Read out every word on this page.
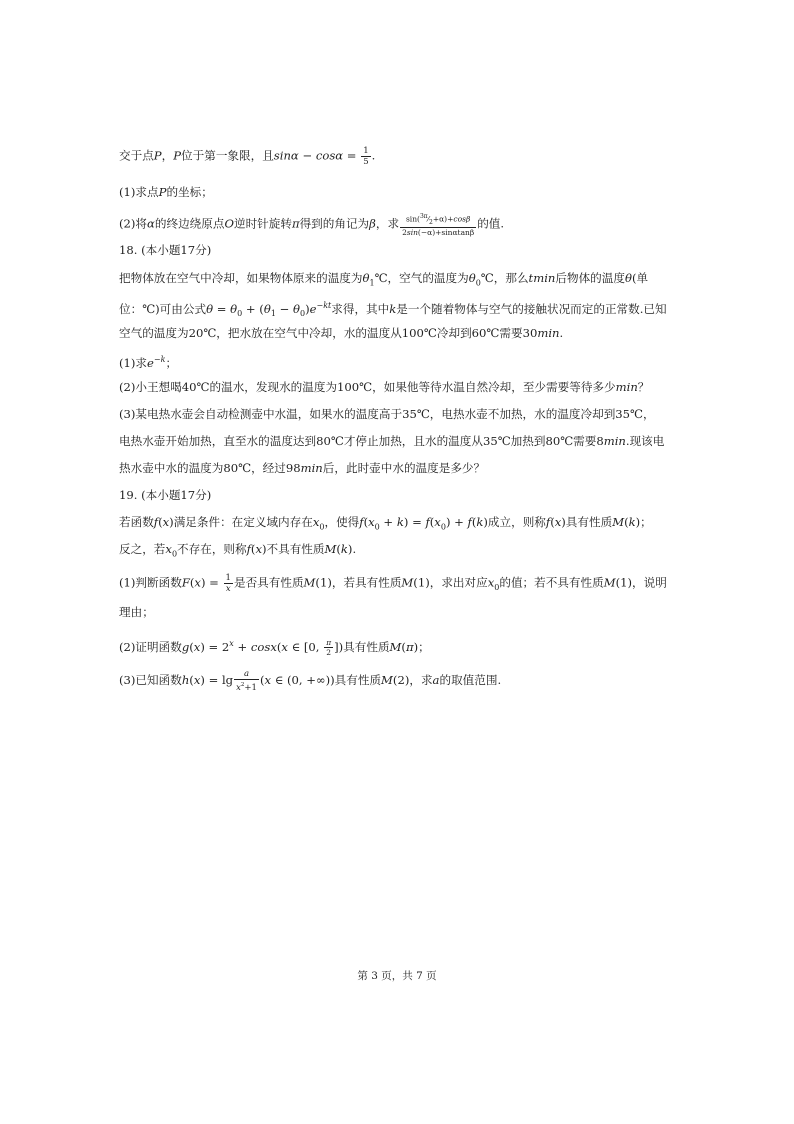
交于点P，P位于第一象限，且$\sin\alpha - \cos\alpha = \frac{1}{5}$ .
(1)求点P的坐标；
(2)将α的终边绕原点O逆时针旋转π得到的角记为β，求 $\frac{\sin(^{3\pi}⁄_2+\alpha)+\cos\beta}{2\sin(-\alpha)+\sin\alpha\tan\beta}$ 的值.
18. (本小题17分)
把物体放在空气中冷却，如果物体原来的温度为$\theta_1℃$，空气的温度为$\theta_0℃$，那么tmin后物体的温度θ(单
位：℃)可由公式$\theta = \theta_0 + (\theta_1 - \theta_0)e^{-kt}$求得，其中k是一个随着物体与空气的接触状况而定的正常数.已知
空气的温度为20℃，把水放在空气中冷却，水的温度从100℃冷却到60℃需要30min.
(1)求$e^{-k}$；
(2)小王想喝40℃的温水，发现水的温度为100℃，如果他等待水温自然冷却，至少需要等待多少min？
(3)某电热水壶会自动检测壶中水温，如果水的温度高于35℃，电热水壶不加热，水的温度冷却到35℃，
电热水壶开始加热，直至水的温度达到80℃才停止加热，且水的温度从35℃加热到80℃需要8min.现该电
热水壶中水的温度为80℃，经过98min后，此时壶中水的温度是多少？
19. (本小题17分)
若函数f(x)满足条件：在定义域内存在$x_0$，使得$f(x_0 + k) = f(x_0) + f(k)$成立，则称f(x)具有性质M(k)；
反之，若$x_0$不存在，则称f(x)不具有性质M(k).
(1)判断函数$F(x) = \frac{1}{x}$ 是否具有性质M(1)，若具有性质M(1)，求出对应$x_0$的值；若不具有性质M(1)，说明
理由；
(2)证明函数$g(x) = 2^x + \cos x(x$ ∈ [0, $\frac{\pi}{2}$ ])具有性质M(π)；
(3)已知函数$h(x) = \lg \frac{a}{x^2+1} (x$ ∈ (0, +∞))具有性质M(2)，求a的取值范围.
第 3 页，共 7 页
